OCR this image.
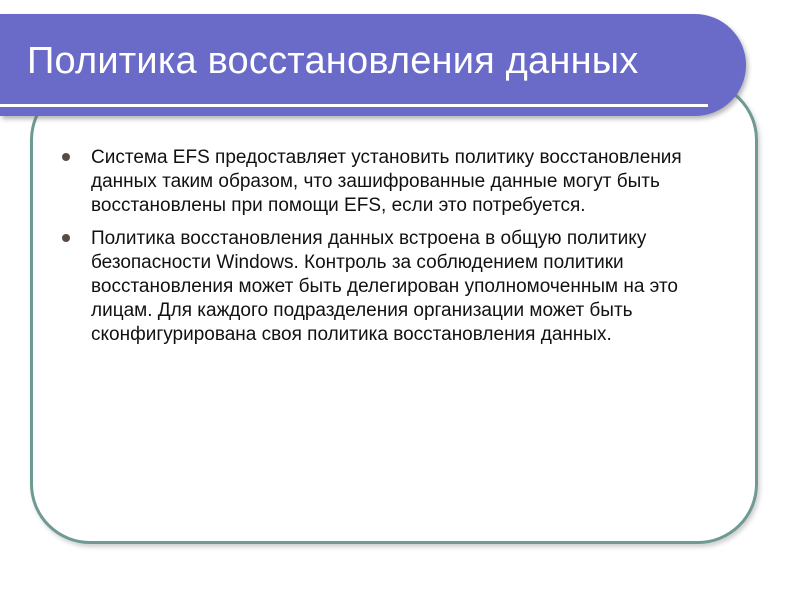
Политика восстановления данных
Система EFS предоставляет установить политику восстановления данных таким образом, что зашифрованные данные могут быть восстановлены при помощи EFS, если это потребуется.
Политика восстановления данных встроена в общую политику безопасности Windows. Контроль за соблюдением политики восстановления может быть делегирован уполномоченным на это лицам. Для каждого подразделения организации может быть сконфигурирована своя политика восстановления данных.
